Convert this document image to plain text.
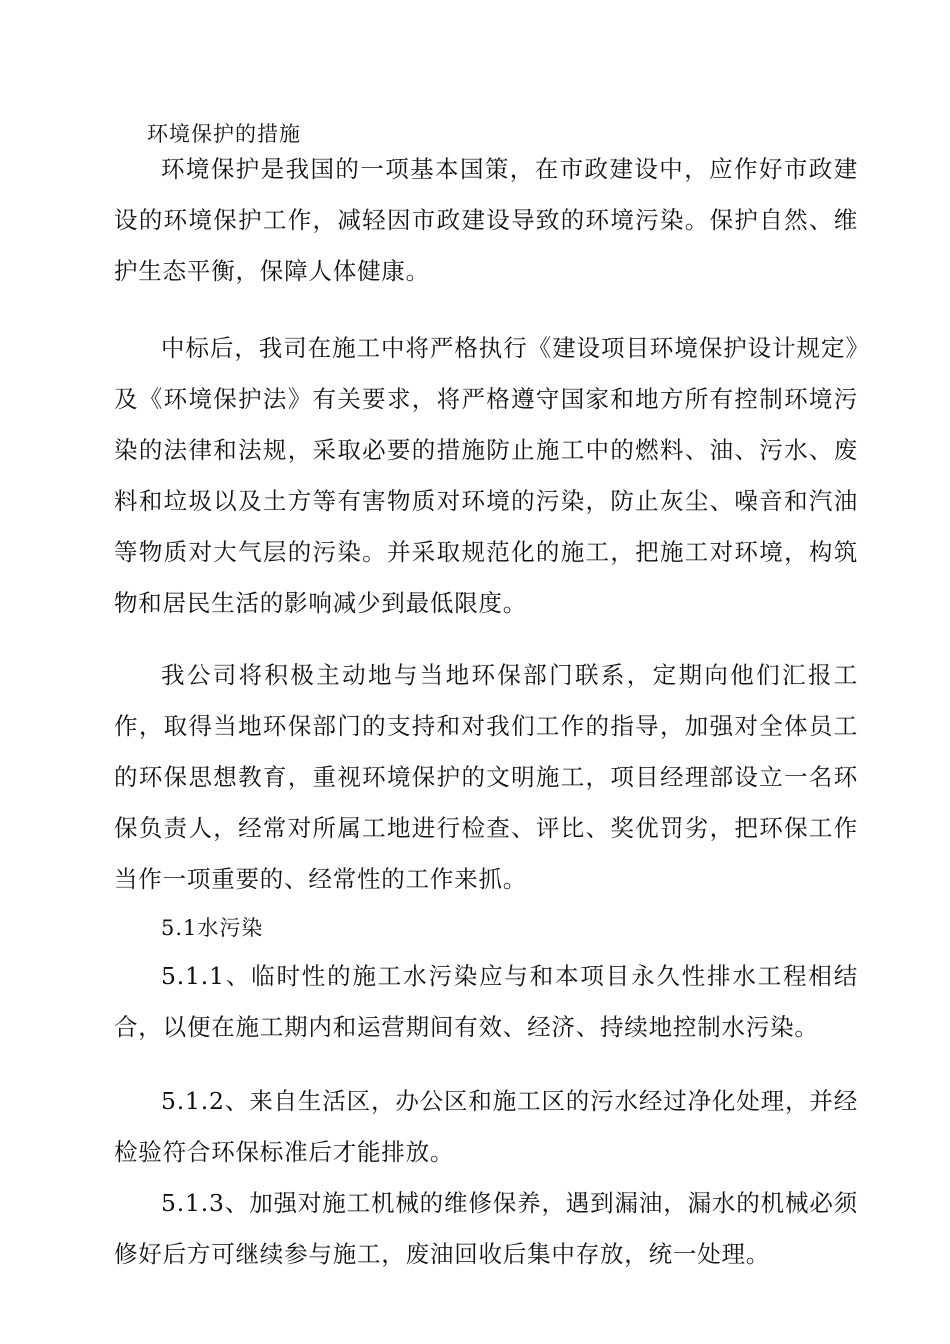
环境保护的措施

环境保护是我国的一项基本国策，在市政建设中，应作好市政建设的环境保护工作，减轻因市政建设导致的环境污染。保护自然、维护生态平衡，保障人体健康。

中标后，我司在施工中将严格执行《建设项目环境保护设计规定》及《环境保护法》有关要求，将严格遵守国家和地方所有控制环境污染的法律和法规，采取必要的措施防止施工中的燃料、油、污水、废料和垃圾以及土方等有害物质对环境的污染，防止灰尘、噪音和汽油等物质对大气层的污染。并采取规范化的施工，把施工对环境，构筑物和居民生活的影响减少到最低限度。

我公司将积极主动地与当地环保部门联系，定期向他们汇报工作，取得当地环保部门的支持和对我们工作的指导，加强对全体员工的环保思想教育，重视环境保护的文明施工，项目经理部设立一名环保负责人，经常对所属工地进行检查、评比、奖优罚劣，把环保工作当作一项重要的、经常性的工作来抓。

5.1水污染

5.1.1、临时性的施工水污染应与和本项目永久性排水工程相结合，以便在施工期内和运营期间有效、经济、持续地控制水污染。

5.1.2、来自生活区，办公区和施工区的污水经过净化处理，并经检验符合环保标准后才能排放。

5.1.3、加强对施工机械的维修保养，遇到漏油，漏水的机械必须修好后方可继续参与施工，废油回收后集中存放，统一处理。
